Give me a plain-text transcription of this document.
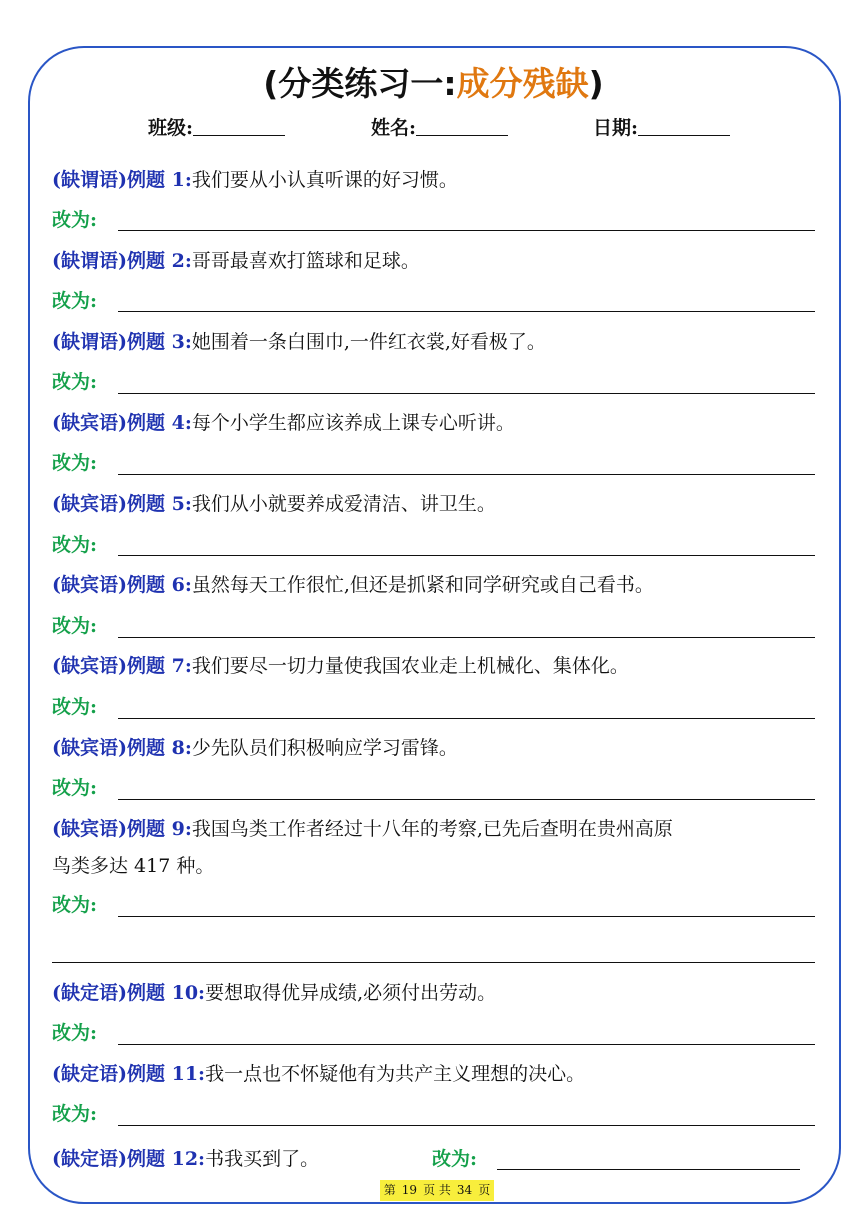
(分类练习一:成分残缺)
班级:	姓名:	日期:
(缺谓语)例题 1:我们要从小认真听课的好习惯。
改为:
(缺谓语)例题 2:哥哥最喜欢打篮球和足球。
改为:
(缺谓语)例题 3:她围着一条白围巾,一件红衣裳,好看极了。
改为:
(缺宾语)例题 4:每个小学生都应该养成上课专心听讲。
改为:
(缺宾语)例题 5:我们从小就要养成爱清洁、讲卫生。
改为:
(缺宾语)例题 6:虽然每天工作很忙,但还是抓紧和同学研究或自己看书。
改为:
(缺宾语)例题 7:我们要尽一切力量使我国农业走上机械化、集体化。
改为:
(缺宾语)例题 8:少先队员们积极响应学习雷锋。
改为:
(缺宾语)例题 9:我国鸟类工作者经过十八年的考察,已先后查明在贵州高原
鸟类多达 417 种。
改为:
(缺定语)例题 10:要想取得优异成绩,必须付出劳动。
改为:
(缺定语)例题 11:我一点也不怀疑他有为共产主义理想的决心。
改为:
(缺定语)例题 12:书我买到了。	改为:
第 19 页 共 34 页
